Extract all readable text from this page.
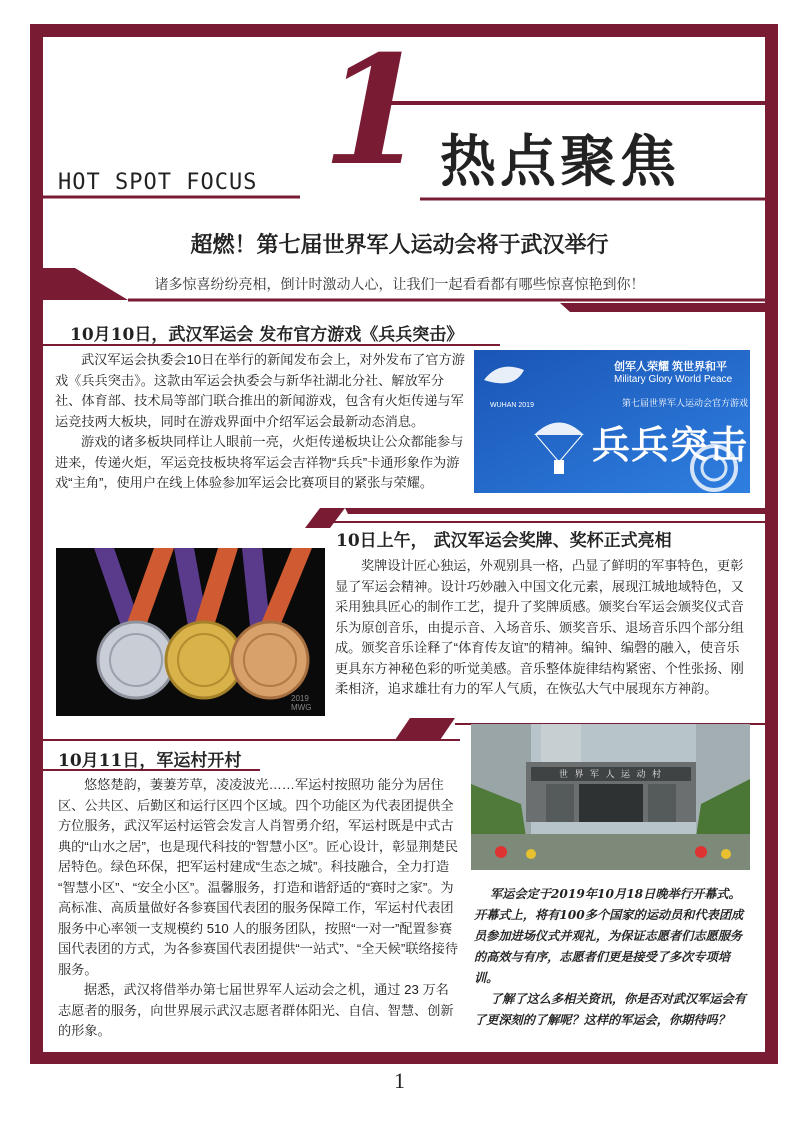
HOT SPOT FOCUS 1 热点聚焦
超燃！第七届世界军人运动会将于武汉举行
诸多惊喜纷纷亮相，倒计时激动人心，让我们一起看看都有哪些惊喜惊艳到你！
10月10日，武汉军运会 发布官方游戏《兵兵突击》

武汉军运会执委会10日在举行的新闻发布会上，对外发布了官方游戏《兵兵突击》。这款由军运会执委会与新华社湖北分社、解放军分社、体育部、技术局等部门联合推出的新闻游戏，包含有火炬传递与军运竞技两大板块，同时在游戏界面中介绍军运会最新动态消息。

游戏的诸多板块同样让人眼前一亮，火炬传递板块让公众都能参与进来，传递火炬，军运竞技板块将军运会吉祥物“兵兵”卡通形象作为游戏“主角”，使用户在线上体验参加军运会比赛项目的紧张与荣耀。

创军人荣耀 筑世界和平
Military Glory World Peace
WUHAN 2019	第七届世界军人运动会官方游戏
兵兵突击
10日上午， 武汉军运会奖牌、奖杯正式亮相
2019 MWG

奖牌设计匠心独运，外观别具一格，凸显了鲜明的军事特色，更彰显了军运会精神。设计巧妙融入中国文化元素，展现江城地域特色，又采用独具匠心的制作工艺，提升了奖牌质感。颁奖台军运会颁奖仪式音乐为原创音乐，由提示音、入场音乐、颁奖音乐、退场音乐四个部分组成。颁奖音乐诠释了“体育传友谊”的精神。编钟、编磬的融入，使音乐更具东方神秘色彩的听觉美感。音乐整体旋律结构紧密、个性张扬、刚柔相济，追求雄壮有力的军人气质，在恢弘大气中展现东方神韵。

10月11日，军运村开村

悠悠楚韵，萋萋芳草，凌凌波光……军运村按照功 能分为居住区、公共区、后勤区和运行区四个区域。四个功能区为代表团提供全方位服务，武汉军运村运管会发言人肖智勇介绍，军运村既是中式古典的“山水之居”，也是现代科技的“智慧小区”。匠心设计，彰显荆楚民居特色。绿色环保，把军运村建成“生态之城”。科技融合，全力打造 “智慧小区”、“安全小区”。温馨服务，打造和谐舒适的“赛时之家”。为高标准、高质量做好各参赛国代表团的服务保障工作，军运村代表团服务中心率领一支规模约 510 人的服务团队，按照“一对一”配置参赛国代表团的方式，为各参赛国代表团提供“一站式”、“全天候”联络接待服务。

据悉，武汉将借举办第七届世界军人运动会之机，通过 23 万名志愿者的服务，向世界展示武汉志愿者群体阳光、自信、智慧、创新的形象。

世 界 军 人 运 动 村

军运会定于2019年10月18日晚举行开幕式。开幕式上，将有100多个国家的运动员和代表团成员参加进场仪式并观礼，为保证志愿者们志愿服务的高效与有序，志愿者们更是接受了多次专项培训。

了解了这么多相关资讯，你是否对武汉军运会有了更深刻的了解呢？这样的军运会，你期待吗？

1
